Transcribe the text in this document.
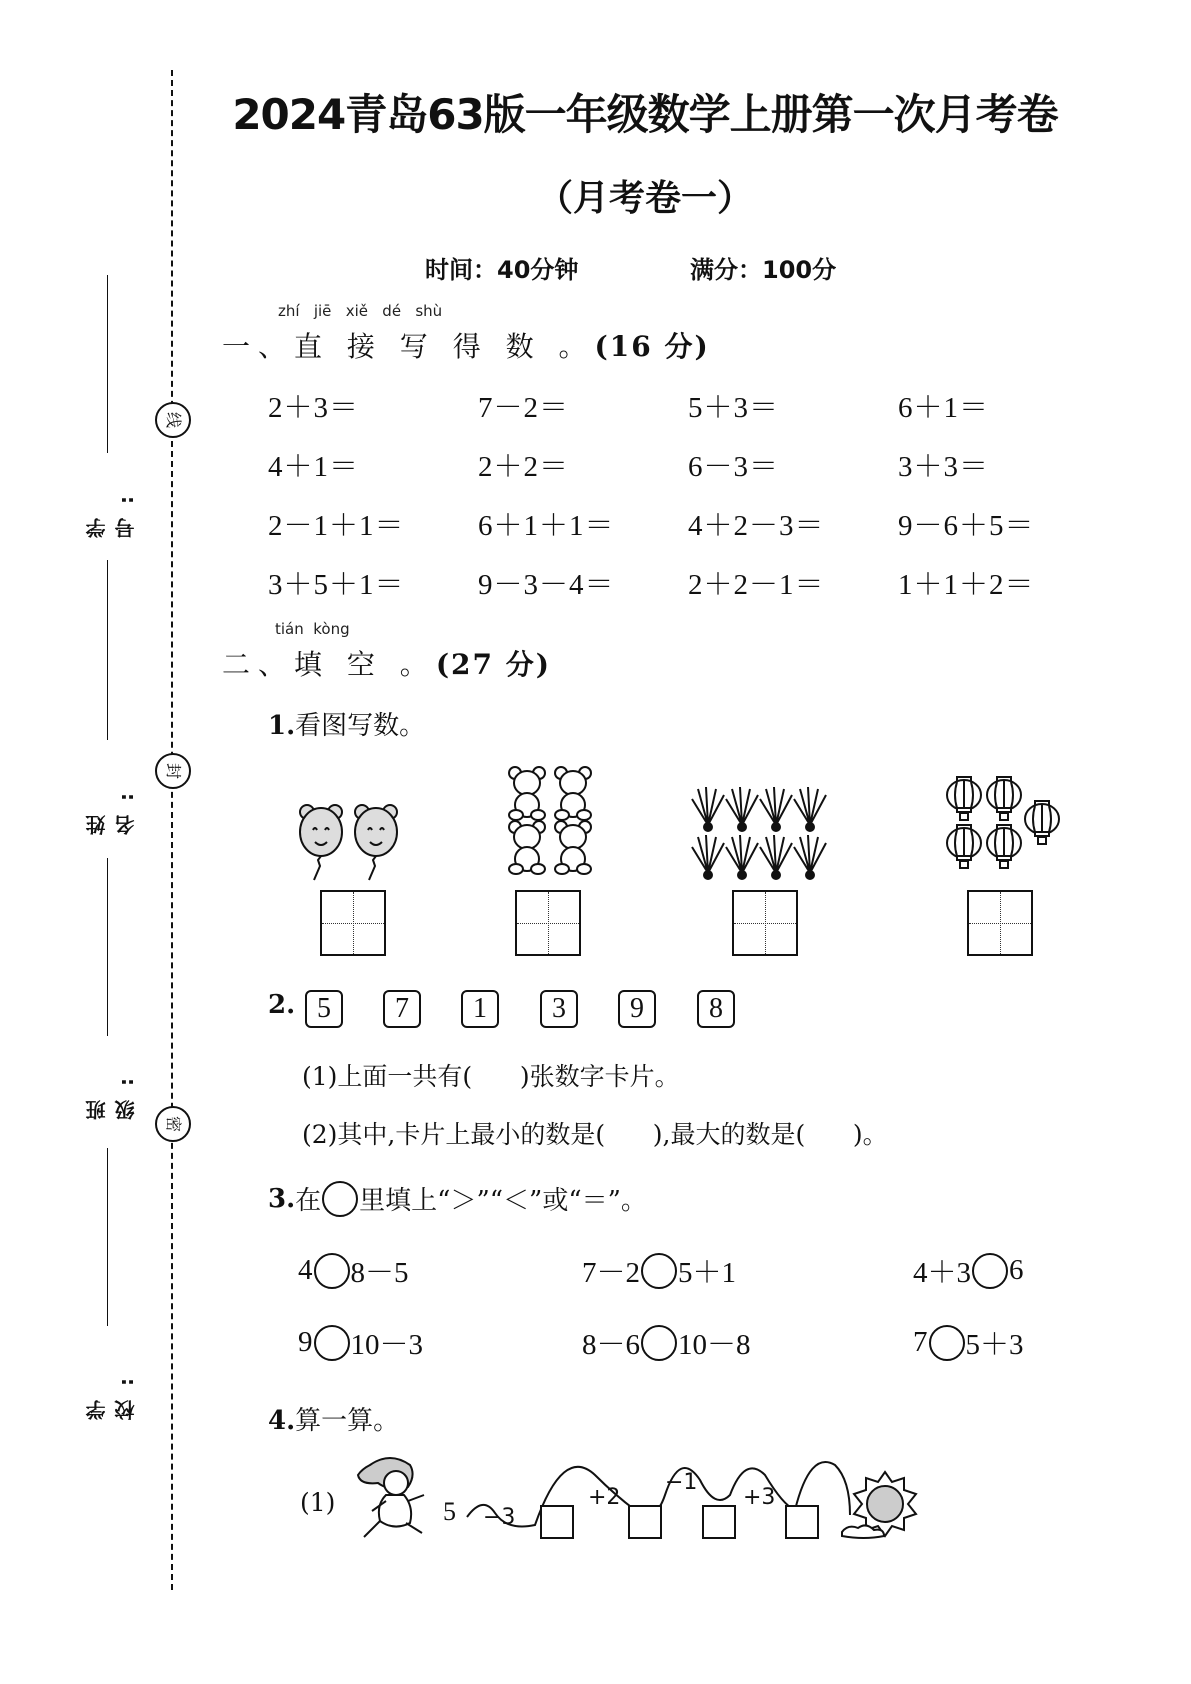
线
封
密
学 号:
姓 名:
班 级:
学 校:
2024青岛63版一年级数学上册第一次月考卷
（月考卷一）
时间：40分钟	满分：100分
zhí   jiē   xiě   dé   shù
一、直 接 写 得 数 。(16 分)
2＋3＝	7－2＝	5＋3＝	6＋1＝
4＋1＝	2＋2＝	6－3＝	3＋3＝
2－1＋1＝	6＋1＋1＝	4＋2－3＝	9－6＋5＝
3＋5＋1＝	9－3－4＝	2＋2－1＝	1＋1＋2＝
tián  kòng
二、填 空 。(27 分)
1.看图写数。
2. 5	7	1	3	9	8
(1)上面一共有(      )张数字卡片。
(2)其中,卡片上最小的数是(      ),最大的数是(      )。
3. 在 里填上“＞”“＜”或“＝”。
4 8－5	7－2 5＋1	4＋3 6
9 10－3	8－6 10－8	7 5＋3
4.算一算。
(1)	5 −3
+2
−1
+3
